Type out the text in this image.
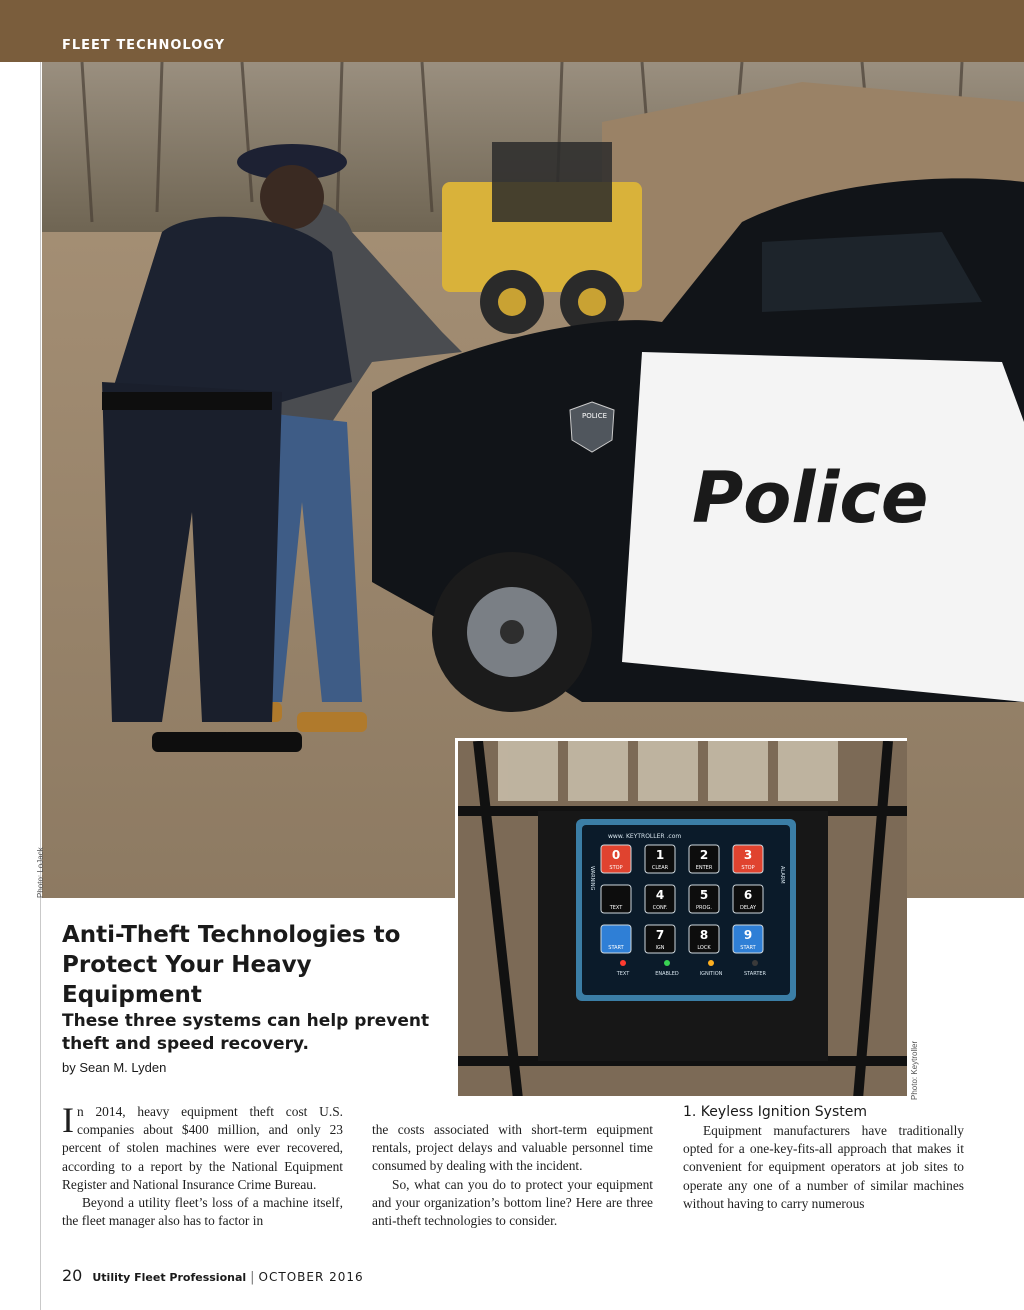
FLEET TECHNOLOGY
Police
POLICE
Photo: LoJack
www. KEYTROLLER .com
WARNING	ALARM
0
STOP
1
CLEAR
2
ENTER
3
STOP
TEXT
4
CONF.
5
PROG.
6
DELAY
START
7
IGN
8
LOCK
9
START
TEXT	ENABLED	IGNITION	STARTER
Photo: Keytroller
Anti-Theft Technologies to Protect Your Heavy Equipment
These three systems can help prevent theft and speed recovery.
by Sean M. Lyden

In 2014, heavy equipment theft cost U.S. companies about $400 million, and only 23 percent of stolen machines were ever recovered, according to a report by the National Equipment Register and National Insurance Crime Bureau.

Beyond a utility fleet’s loss of a machine itself, the fleet manager also has to factor in

the costs associated with short-term equipment rentals, project delays and valuable personnel time consumed by dealing with the incident.

So, what can you do to protect your equipment and your organization’s bottom line? Here are three anti-theft technologies to consider.

1. Keyless Ignition System

Equipment manufacturers have traditionally opted for a one-key-fits-all approach that makes it convenient for equipment operators at job sites to operate any one of a number of similar machines without having to carry numerous

20 Utility Fleet Professional | OCTOBER 2016
